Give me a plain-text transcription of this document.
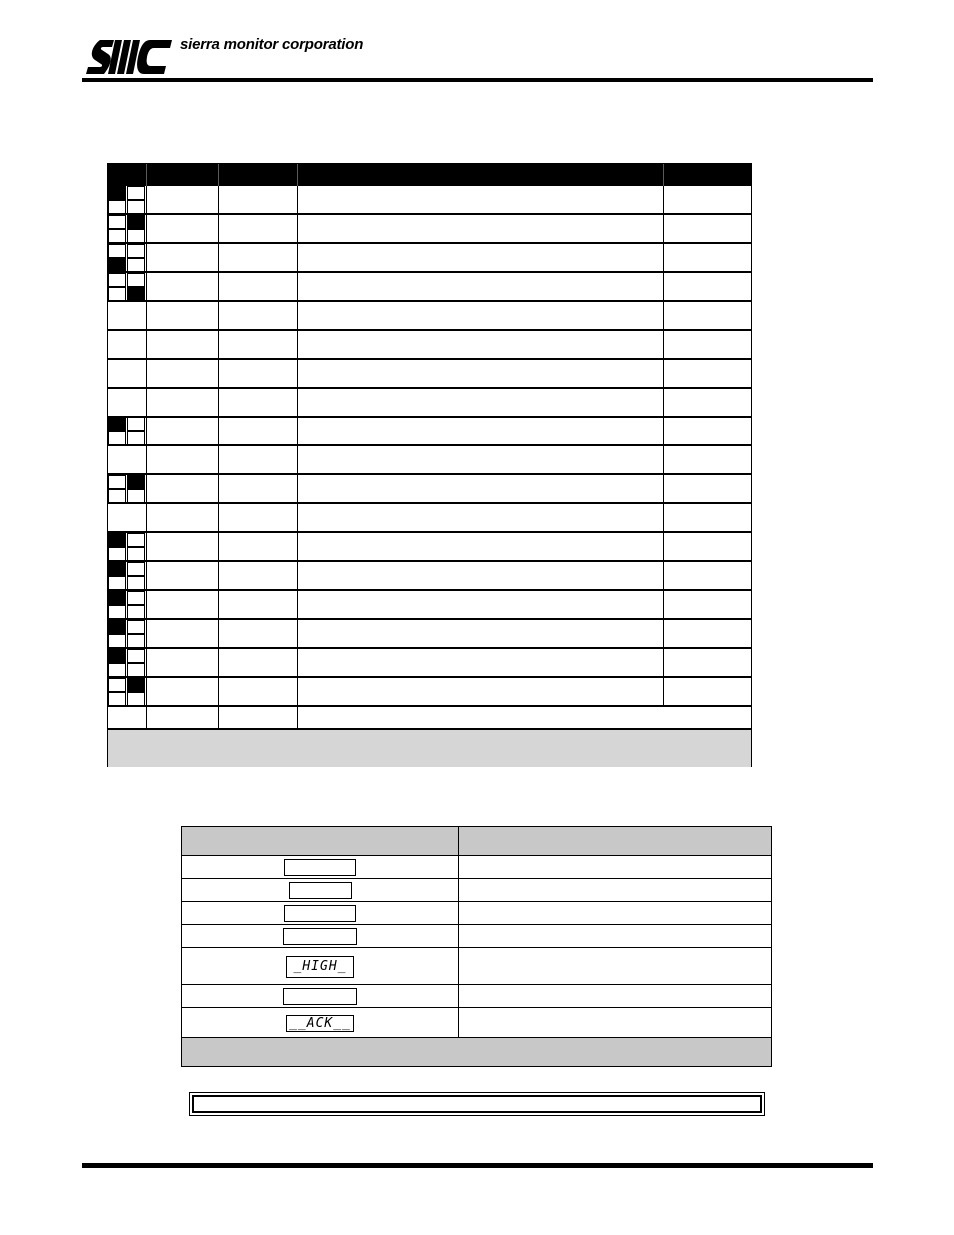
sierra monitor corporation
_HIGH_
__ACK__
